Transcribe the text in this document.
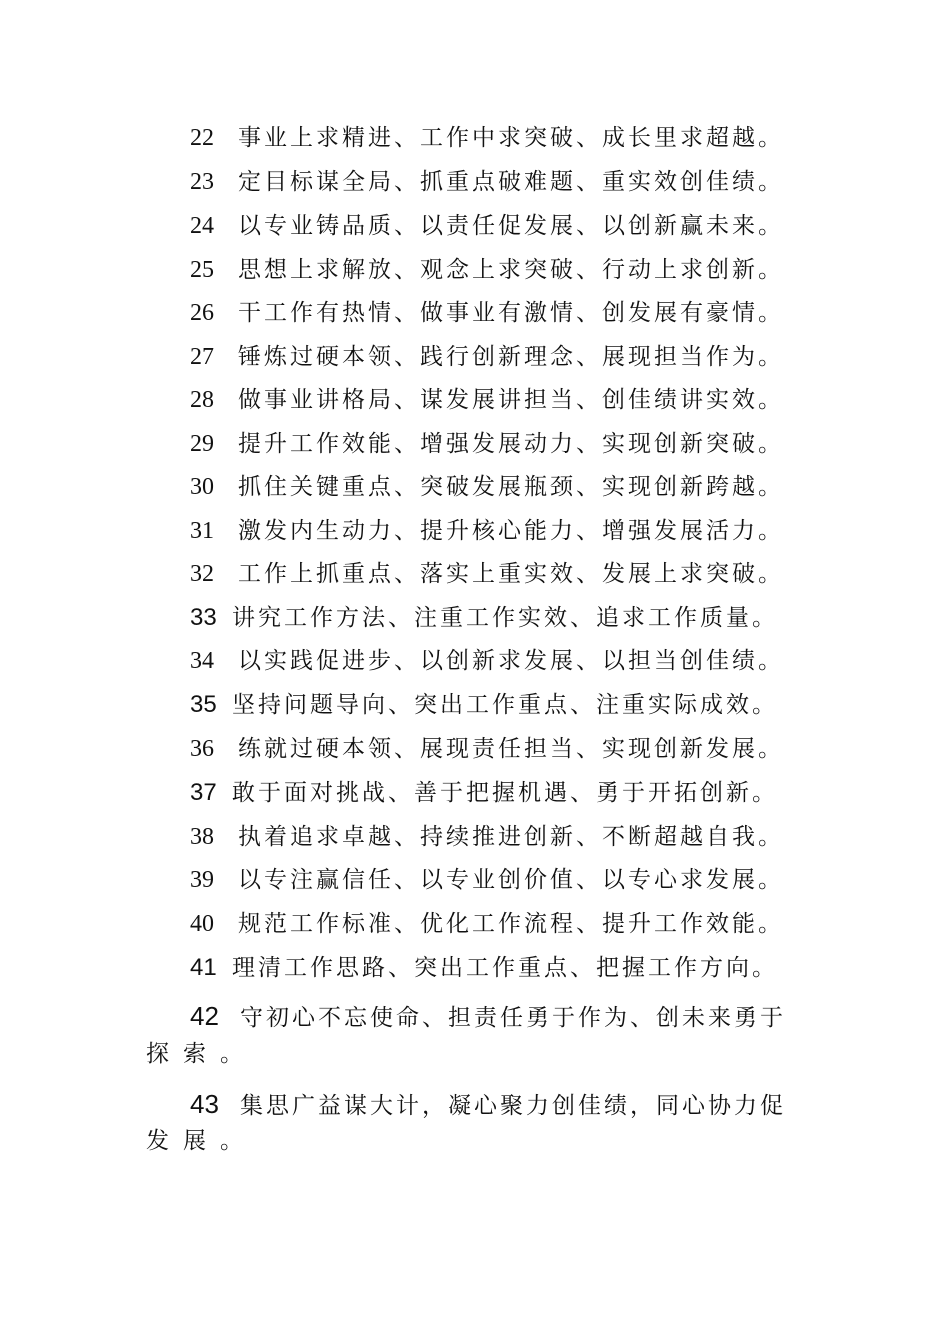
22 事业上求精进、工作中求突破、成长里求超越。
23 定目标谋全局、抓重点破难题、重实效创佳绩。
24 以专业铸品质、以责任促发展、以创新赢未来。
25 思想上求解放、观念上求突破、行动上求创新。
26 干工作有热情、做事业有激情、创发展有豪情。
27 锤炼过硬本领、践行创新理念、展现担当作为。
28 做事业讲格局、谋发展讲担当、创佳绩讲实效。
29 提升工作效能、增强发展动力、实现创新突破。
30 抓住关键重点、突破发展瓶颈、实现创新跨越。
31 激发内生动力、提升核心能力、增强发展活力。
32 工作上抓重点、落实上重实效、发展上求突破。
33 讲究工作方法、注重工作实效、追求工作质量。
34 以实践促进步、以创新求发展、以担当创佳绩。
35 坚持问题导向、突出工作重点、注重实际成效。
36 练就过硬本领、展现责任担当、实现创新发展。
37 敢于面对挑战、善于把握机遇、勇于开拓创新。
38 执着追求卓越、持续推进创新、不断超越自我。
39 以专注赢信任、以专业创价值、以专心求发展。
40 规范工作标准、优化工作流程、提升工作效能。
41 理清工作思路、突出工作重点、把握工作方向。
42 守初心不忘使命、担责任勇于作为、创未来勇于
探索。
43 集思广益谋大计，凝心聚力创佳绩，同心协力促
发展。
